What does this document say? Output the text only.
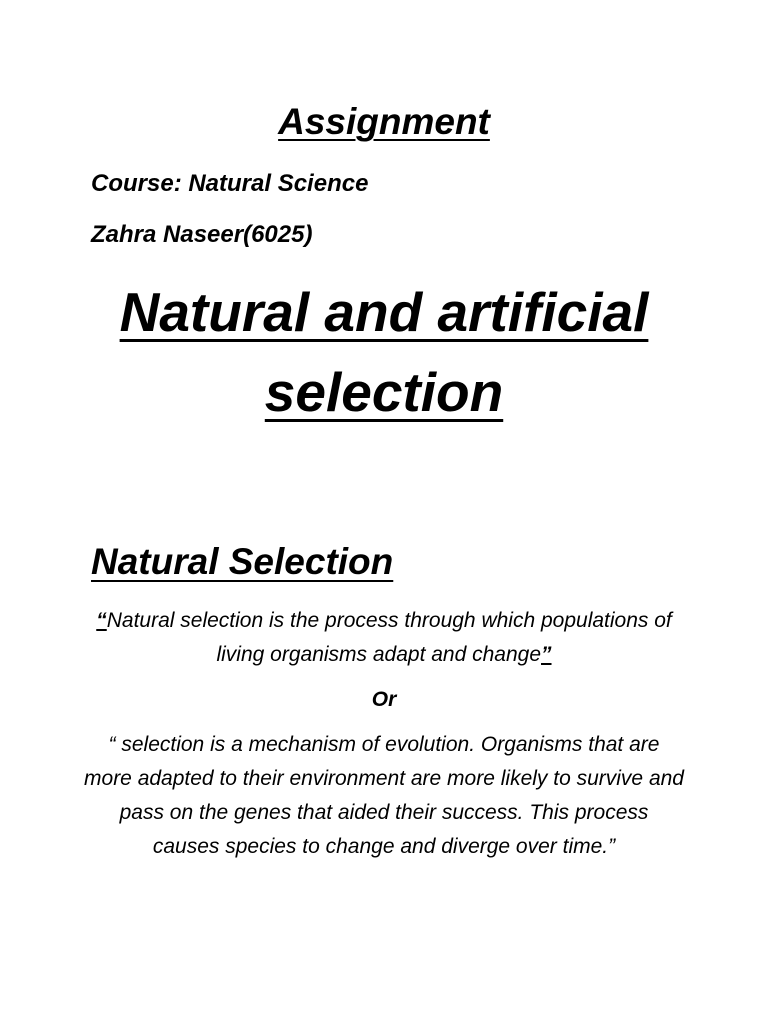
Assignment
Course: Natural Science
Zahra Naseer(6025)
Natural and artificial
selection
Natural Selection
“Natural selection is the process through which populations of living organisms adapt and change”
Or
“ selection is a mechanism of evolution. Organisms that are more adapted to their environment are more likely to survive and pass on the genes that aided their success. This process causes species to change and diverge over time.”
